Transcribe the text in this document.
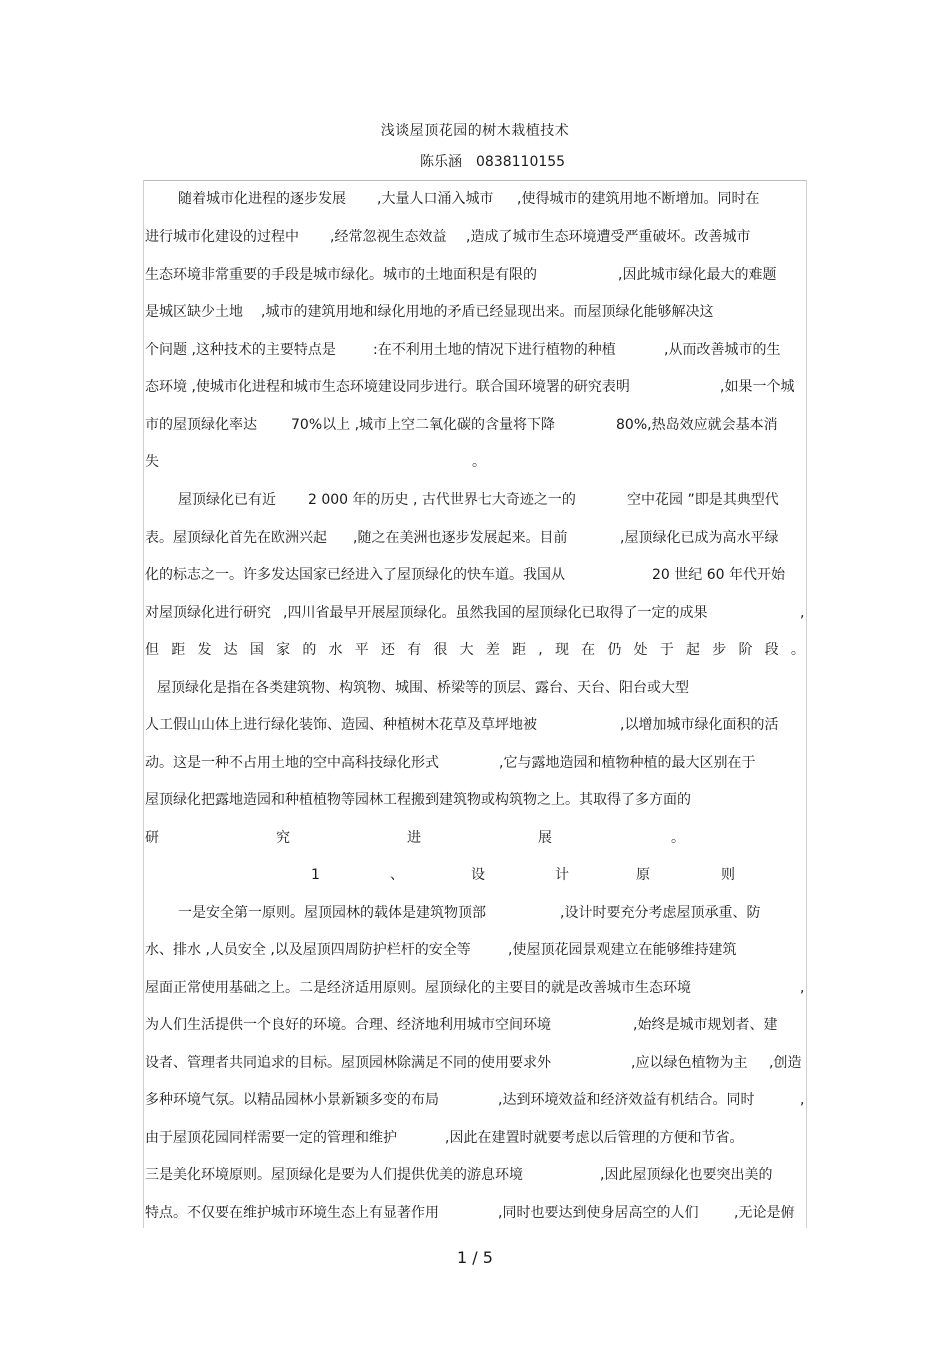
浅谈屋顶花园的树木栽植技术
陈乐涵 0838110155
随着城市化进程的逐步发展 ,大量人口涌入城市 ,使得城市的建筑用地不断增加。同时在
进行城市化建设的过程中 ,经常忽视生态效益 ,造成了城市生态环境遭受严重破坏。改善城市
生态环境非常重要的手段是城市绿化。城市的土地面积是有限的	,因此城市绿化最大的难题
是城区缺少土地 ,城市的建筑用地和绿化用地的矛盾已经显现出来。而屋顶绿化能够解决这
个问题 ,这种技术的主要特点是	:在不利用土地的情况下进行植物的种植	,从而改善城市的生
态环境 ,使城市化进程和城市生态环境建设同步进行。联合国环境署的研究表明	,如果一个城
市的屋顶绿化率达 70%以上 ,城市上空二氧化碳的含量将下降	80%,热岛效应就会基本消
失	。
屋顶绿化已有近 2 000 年的历史 , 古代世界七大奇迹之一的	空中花园 ”即是其典型代
表。屋顶绿化首先在欧洲兴起 ,随之在美洲也逐步发展起来。目前	,屋顶绿化已成为高水平绿
化的标志之一。许多发达国家已经进入了屋顶绿化的快车道。我国从	20 世纪 60 年代开始
对屋顶绿化进行研究 ,四川省最早开展屋顶绿化。虽然我国的屋顶绿化已取得了一定的成果	,
但 距 发 达 国 家 的 水 平 还 有 很 大 差 距 , 现 在 仍 处 于 起 步 阶 段 。
屋顶绿化是指在各类建筑物、构筑物、城围、桥梁等的顶层、露台、天台、阳台或大型
人工假山山体上进行绿化装饰、造园、种植树木花草及草坪地被	,以增加城市绿化面积的活
动。这是一种不占用土地的空中高科技绿化形式	,它与露地造园和植物种植的最大区别在于
屋顶绿化把露地造园和种植植物等园林工程搬到建筑物或构筑物之上。其取得了多方面的
研	究	进	展	。
1	、	设	计	原	则
一是安全第一原则。屋顶园林的载体是建筑物顶部	,设计时要充分考虑屋顶承重、防
水、排水 ,人员安全 ,以及屋顶四周防护栏杆的安全等	,使屋顶花园景观建立在能够维持建筑
屋面正常使用基础之上。二是经济适用原则。屋顶绿化的主要目的就是改善城市生态环境	,
为人们生活提供一个良好的环境。合理、经济地利用城市空间环境	,始终是城市规划者、建
设者、管理者共同追求的目标。屋顶园林除满足不同的使用要求外	,应以绿色植物为主 ,创造
多种环境气氛。以精品园林小景新颖多变的布局	,达到环境效益和经济效益有机结合。同时	,
由于屋顶花园同样需要一定的管理和维护	,因此在建置时就要考虑以后管理的方便和节省。
三是美化环境原则。屋顶绿化是要为人们提供优美的游息环境	,因此屋顶绿化也要突出美的
特点。不仅要在维护城市环境生态上有显著作用	,同时也要达到使身居高空的人们	,无论是俯
1 / 5
